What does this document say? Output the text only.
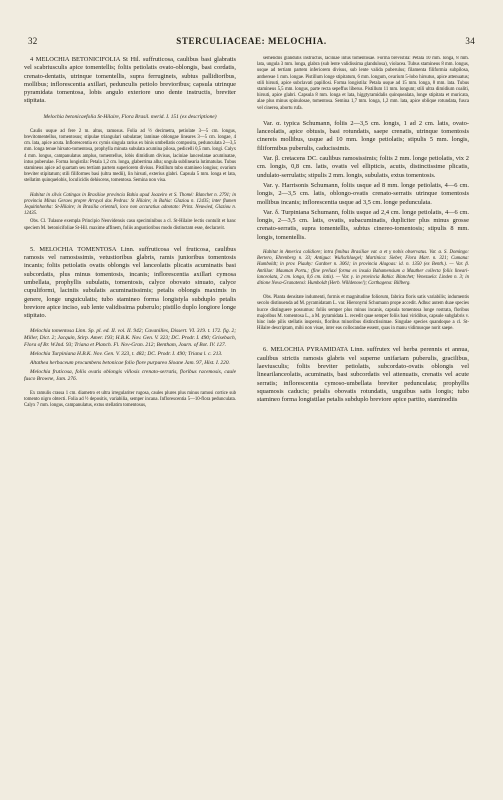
32	STERCULIACEAE: MELOCHIA.	34

4 MELOCHIA BETONICIFOLIA St Hil. suffruticosa, caulibus basi glabratis vel scabriusculis apice tomentellis; foliis petiolatis ovato-oblongis, basi cordatis, crenato-dentatis, utrinque tomentellis, supra ferrugineis, subtus pallidioribus, mollibus; inflorescentia axillari, pedunculis petiolo brevioribus; capsula utrinque pyramidata tomentosa, lobis angulo exteriore uno dente instructis, breviter stipitata.

Melochia betonicaefolia St-Hilaire, Flora Brasil. merid. I. 151 (ex descriptione)

Caulis usque ad fere 2 m. altus, ramosus. Folia ad ½ decimetra, petiolate 3—5 cm. longus, brevitomentellus, tomentosus; stipulae triangulari subulatae; laminae oblongae lineares 3—5 cm. longae, 4 cm. lata, apice acuta. Inflorescentia ex cymis singula rarius ex binis umbellatis composita, pedunculata 2—3,5 mm. longa tenue hirsuto-tomentosa, prophylla minuta subulata acumina pilosa, pedicelli 0,5 mm. longi. Calyx 4 mm. longus, campanulatus amplus, tomentellus, lobis dimidium divisus, laciniae lanceolatae acuminatae, intus puberulae. Forma longistila: Petala 1,2 cm. longa, glaberrima alba; ungula sublinearia lutimatulas. Tubus stamineus apice ad quartam seu tertiam partem superiorem divisus. Pistillum tubo stamineo longius; ovarium breviter stipitatum; stili filiformes basi (ultra medii), lin hirsuti, exterius glabri. Capsula 5 mm. longa et lata, stellatim quinquelobis, loculicidis dehiscens, tomentosa. Semina non visa.

Habitat in silvis Catingas in Brasiliae provincia Bahia apud Joazeiro et S. Thomé: Blanchet n. 2791; in provincia Minas Geraes propre Arrayal das Pedras: St Hilaire; in Bahia: Glaziou n. 12435; inter flumen Jequitinhonha: St-Hilaire; in Brasilia orientali, loco non accuratius adnotato: Prinz. Neuwied, Glaziou n. 12435.

Obs. Cl. Tulasne exempla Principio Neuvidensis casu speciminibus a cl. St-Hilaire lectis contulit et hanc speciem M. betonicifoliae St-Hil. maxime affinem, foliis angustioribus modo distinctam esse, declaravit.

5. MELOCHIA TOMENTOSA Linn. suffruticosa vel fruticosa, caulibus ramosis vel ramosissimis, vetustioribus glabris, ramis junioribus tomentosis incanis; foliis petiolatis ovatis oblongis vel lanceolatis plicatis acuminatis basi subcordatis, plus minus tomentosis, incanis; inflorescentia axillari cymosa umbellata, prophyllis subulatis, tomentosis, calyce obovato sinuato, calyce cupuliformi, laciniis subulatis acuminatissimis; petalis oblongis maximis in genere, longe unguiculatis; tubo stamineo forma longistyla subduplo petalis breviore apice inciso, sub lente validissima puberulo; pistillo duplo longiore longe stipitato.

Melochia tomentosa Linn. Sp. pl. ed. II. vol. II. 942; Cavanilles, Dissert. VI. 319. t. 172. fig. 2; Miller, Dict. 2; Jacquin, Stirp. Amer. 193; H.B.K. Nov. Gen. V. 323; DC. Prodr. I. 490; Grisebach, Flora of Br. W.Ind. 93; Triana et Planch. Fl. Nov-Gran. 212; Bentham, Journ. of Bot. IV. 127.

Melochia Turpiniana H.B.K. Nov. Gen. V. 323, t. 482; DC. Prodr. I. 490; Triana l. c. 213.

Altathea herbaceum procumbens betonicae folio flore purpureo Sloane Jam. 97, Hist. I. 220.

Melochia fruticosa, foliis ovatis oblongis villosis crenato-serratis, floribus racemosis, caule fusco Browne, Jam. 276.

Ex ramulis crassa 1 cm. diametro et ultra irregulariter rugosa, caules plures plus minus ramosi cortice sub tomento nigro obtecti. Folia ad ½ depositis, variabilia, semper incana. Inflorescentia 5—10-flora pedunculata. Calyx 7 mm. longus, campanulatus, extus stellatim tomentosus,

semendiis glandulis instructus, laciniae intus tomentosae. Forma brevistila: Petala 10 mm. longa, 8 mm. lata, ungula 3 mm. longa, glabra (sub lente validissima glandulosa), violacea. Tubus stamineus 8 mm. longus, usque ad tertiam partem inferiorem divisus, sub lente valida puberulus; filamenta filiformia subpilosa, anthereae 1 mm. longae. Pistillum longe stipitatum, 6 mm. longum, ovarium 5-lobo hirsutus, apice attenuatus; stili hirsuti, apice subclavati papillosi. Forma longistila: Petala usque ad 15 mm. longa, 8 mm. lata. Tubus stamineus 5,5 mm. longus, parte recta sepeffus liberus. Pistillum 11 mm. longum; stili ultra dimidium coaliti, hirsuti, apice glabri. Capsula 8 mm. longa et lata, higgtyramidalis quinquealata, longe stipitata et muricata, alae plus minus spinulosae, tomentosa. Semina 1,7 mm. longa, 1,2 mm. lata, apice oblique rotundata, fusca vel cinerea, abortu rufa.

Var. α. typica Schumann, foliis 2—3,5 cm. longis, 1 ad 2 cm. latis, ovato-lanceolatis, apice obtusis, basi rotundatis, saepe crenatis, utrinque tomentosis cinereis mollibus, usque ad 10 mm. longe petiolatis; stipulis 5 mm. longis, filiformibus puberulis, caducissimis.

Var. β. cretacens DC. caulibus ramosissimis; foliis 2 mm. longe petiolatis, vix 2 cm. longis, 0,8 cm. latis, ovatis vel ellipticis, acutis, distinctissime plicatis, undulato-serrulatis; stipulis 2 mm. longis, subulatis, extus tomentosis.

Var. γ. Harrisonis Schumann, foliis usque ad 8 mm. longe petiolatis, 4—6 cm. longis, 2—3,5 cm. latis, oblongo-ovatis crenato-serratis utrinque tomentosis mollibus incanis; inflorescentia usque ad 3,5 cm. longe pedunculata.

Var. δ. Turpiniana Schumann, foliis usque ad 2,4 cm. longe petiolatis, 4—6 cm. longis, 2—3,5 cm. latis, ovatis, subacuminatis, dupliciter plus minus grosse crenato-serratis, supra tomentellis, subtus cinereo-tomentosis; stipulis 8 mm. longis, tomentellis.

Habitat in America calidiore; intra fimibus Brasiliae var. α et γ nobis observatus. Var. α. S. Domingo: Bertero, Ehrenberg n. 33; Antigua: Wullschlaegel; Martinica: Sieber, Flora Mart. n. 321; Cumana: Humboldt; in prov. Piauhy: Gardner n. 3061; in provincia Alagoas: id. n. 1350 (ex Benth.). — Var. β. Antillae: Mauman Portu.; (fine preliaxi forma ex insula Bahamensium a Mauther collecta foliis lineari-lanceolata, 2 cm. longa, 0,6 cm. latis). — Var. γ. in provincia Bahia: Blanchet; Venezuela: Linden n. 3; in ditione Nova-Granatensi: Humboldt (Herb. Willdenow!); Carthagena: Billberg.

Obs. Planta densitate indumenti, formis et magnitudine foliorum, fabrica floris satis variabilis; indumentis secolo distinuenda ad M. pyramidatam L. var. Hieronymi Schumann prope accedit. Adhuc autem duae species hucce distinguere possumus: foliis semper plus minus incanis, capsula tomentosa longe rostrata, floribus majoribus M. tomentosa L., a M. pyramidata L. recedit quae semper foliis basi viridibus, capsule subglabris v. hinc inde pilis stellatis inspersis, floribus minoribus distinctissimae. Singulae species quandoque a cl. St-Hilaire descriptam, mihi non visae, inter eas collocandae essent, quas in manu vidimusque norit saepe.

6. MELOCHIA PYRAMIDATA Linn. suffrutex vel herba perennis et annua, caulibus strictis ramosis glabris vel superne unifariam puberulis, gracilibus, laeviusculis; foliis breviter petiolatis, subcordato-ovatis oblongis vel linearilanceolatis, acuminatis, basi subcordatis vel attenuatis, crenatis vel acute serratis; inflorescentia cymoso-umbellata breviter pedunculata; prophyllis squamosis caducis; petalis obovatis rotundatis, unguibus satis longis; tubo stamineo forma longistilae petalis subduplo breviore apice partito, staminodiis
